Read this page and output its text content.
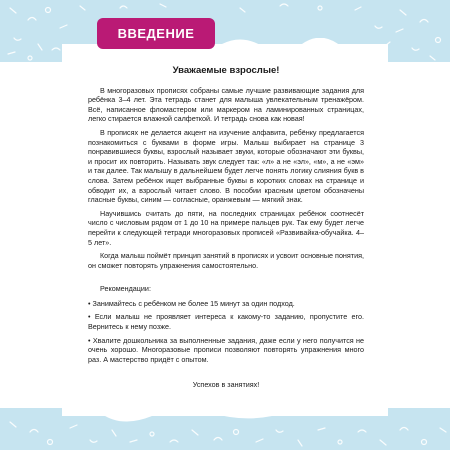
ВВЕДЕНИЕ
Уважаемые взрослые!

В многоразовых прописях собраны самые лучшие развивающие задания для ребёнка 3–4 лет. Эта тетрадь станет для малыша увлекательным тренажёром. Всё, написанное фломастером или маркером на ламинированных страницах, легко стирается влажной салфеткой. И тетрадь снова как новая!

В прописях не делается акцент на изучение алфавита, ребёнку предлагается познакомиться с буквами в форме игры. Малыш выбирает на странице 3 понравившиеся буквы, взрослый называет звуки, которые обозначают эти буквы, и просит их повторить. Называть звук следует так: «л» а не «эл», «м», а не «эм» и так далее. Так малышу в дальнейшем будет легче понять логику слияния букв в слова. Затем ребёнок ищет выбранные буквы в коротких словах на странице и обводит их, а взрослый читает слово. В пособии красным цветом обозначены гласные буквы, синим — согласные, оранжевым — мягкий знак.

Научившись считать до пяти, на последних страницах ребёнок соотнесёт число с числовым рядом от 1 до 10 на примере пальцев рук. Так ему будет легче перейти к следующей тетради многоразовых прописей «Развивайка-обучайка. 4–5 лет».

Когда малыш поймёт принцип занятий в прописях и усвоит основные понятия, он сможет повторять упражнения самостоятельно.

Рекомендации:

• Занимайтесь с ребёнком не более 15 минут за один подход.

• Если малыш не проявляет интереса к какому-то заданию, пропустите его. Вернитесь к нему позже.

• Хвалите дошкольника за выполненные задания, даже если у него получится не очень хорошо. Многоразовые прописи позволяют повторять упражнения много раз. А мастерство придёт с опытом.

Успехов в занятиях!
